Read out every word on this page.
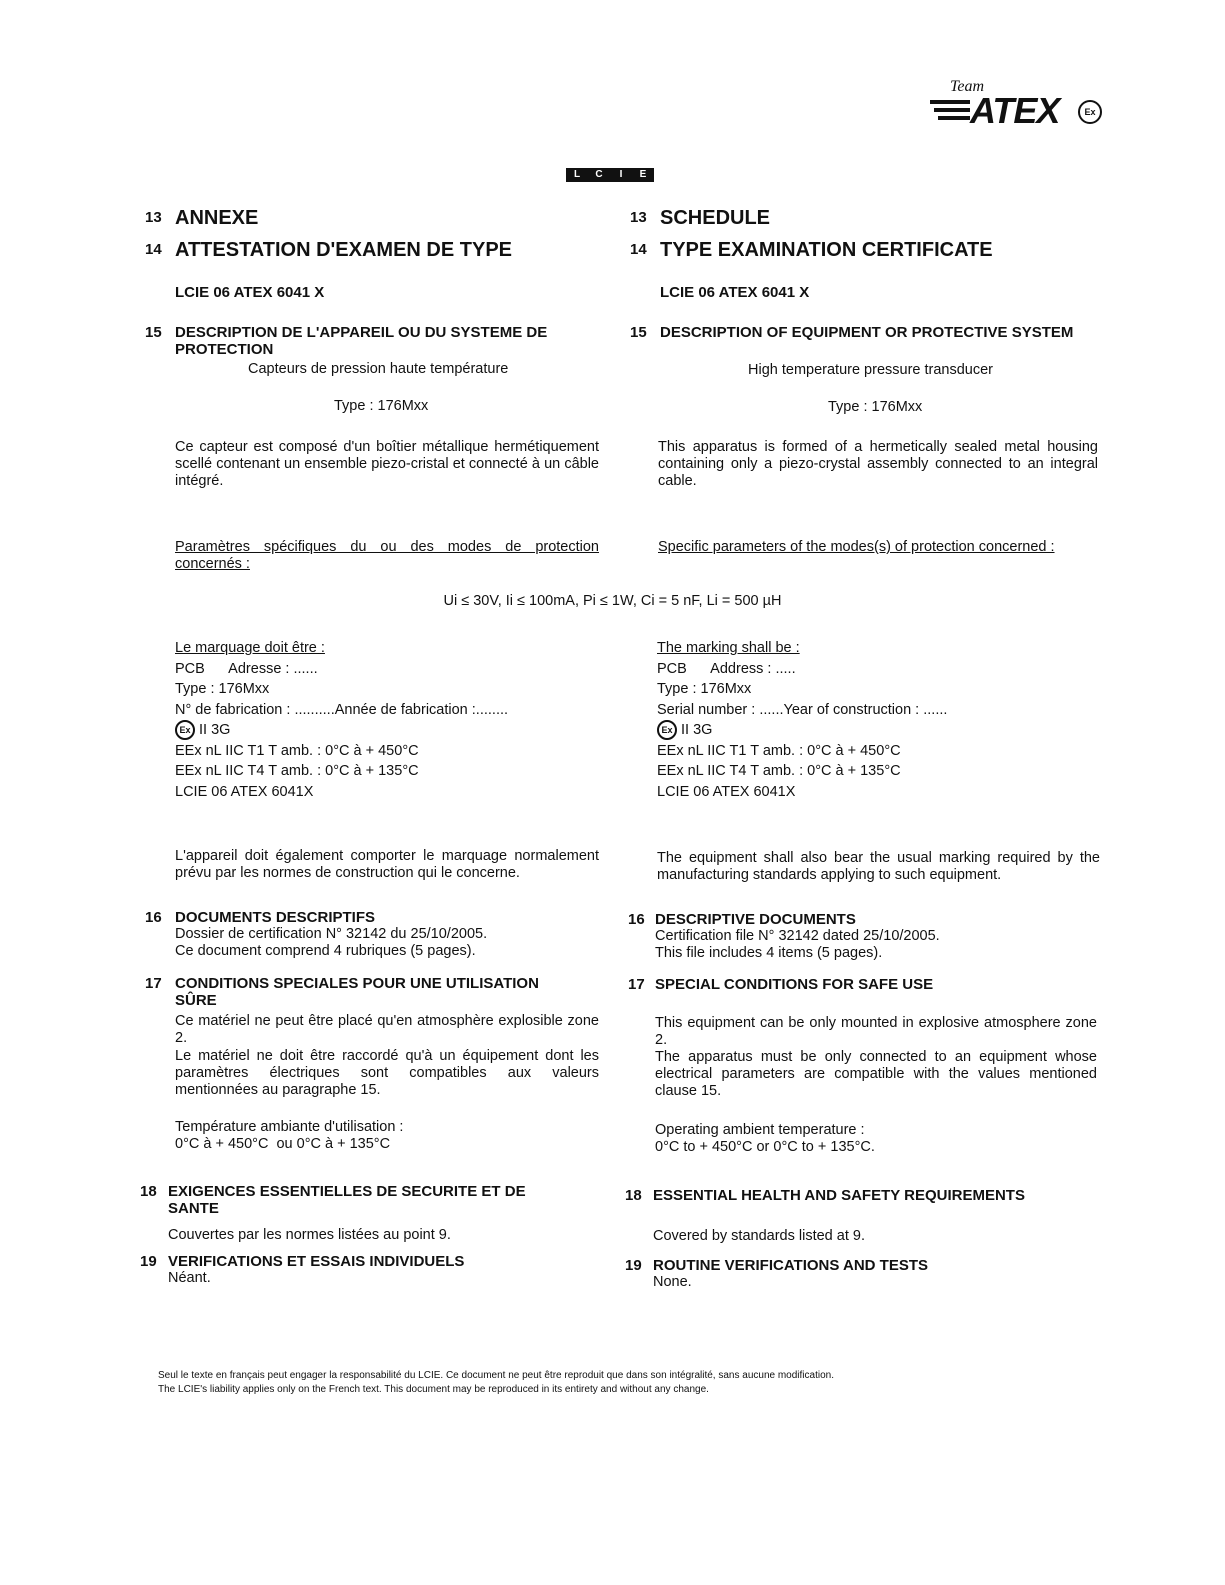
Team
ATEX	Ex
L	C	I	E
13 ANNEXE
14 ATTESTATION D'EXAMEN DE TYPE
LCIE 06 ATEX 6041 X
15 DESCRIPTION DE L'APPAREIL OU DU SYSTEME DE
PROTECTION
Capteurs de pression haute température
Type : 176Mxx
Ce capteur est composé d'un boîtier métallique hermétiquement scellé contenant un ensemble piezo-cristal et connecté à un câble intégré.
Paramètres spécifiques du ou des modes de protection concernés :
Ui ≤ 30V, Ii ≤ 100mA, Pi ≤ 1W, Ci = 5 nF, Li = 500 µH
Le marquage doit être :
PCB      Adresse : ......
Type : 176Mxx
N° de fabrication : ..........Année de fabrication :........
Ex II 3G
EEx nL IIC T1 T amb. : 0°C à + 450°C
EEx nL IIC T4 T amb. : 0°C à + 135°C
LCIE 06 ATEX 6041X
L'appareil doit également comporter le marquage normalement prévu par les normes de construction qui le concerne.
16 DOCUMENTS DESCRIPTIFS
Dossier de certification N° 32142 du 25/10/2005.
Ce document comprend 4 rubriques (5 pages).
17 CONDITIONS SPECIALES POUR UNE UTILISATION
SÛRE
Ce matériel ne peut être placé qu'en atmosphère explosible zone 2.
Le matériel ne doit être raccordé qu'à un équipement dont les paramètres électriques sont compatibles aux valeurs mentionnées au paragraphe 15.
Température ambiante d'utilisation :
0°C à + 450°C  ou 0°C à + 135°C
18 EXIGENCES ESSENTIELLES DE SECURITE ET DE
SANTE
Couvertes par les normes listées au point 9.
19 VERIFICATIONS ET ESSAIS INDIVIDUELS
Néant.
13 SCHEDULE
14 TYPE EXAMINATION CERTIFICATE
LCIE 06 ATEX 6041 X
15 DESCRIPTION OF EQUIPMENT OR PROTECTIVE SYSTEM
High temperature pressure transducer
Type : 176Mxx
This apparatus is formed of a hermetically sealed metal housing containing only a piezo-crystal assembly connected to an integral cable.
Specific parameters of the modes(s) of protection concerned :
The marking shall be :
PCB      Address : .....
Type : 176Mxx
Serial number : ......Year of construction : ......
Ex II 3G
EEx nL IIC T1 T amb. : 0°C à + 450°C
EEx nL IIC T4 T amb. : 0°C à + 135°C
LCIE 06 ATEX 6041X
The equipment shall also bear the usual marking required by the manufacturing standards applying to such equipment.
16 DESCRIPTIVE DOCUMENTS
Certification file N° 32142 dated 25/10/2005.
This file includes 4 items (5 pages).
17 SPECIAL CONDITIONS FOR SAFE USE
This equipment can be only mounted in explosive atmosphere zone 2.
The apparatus must be only connected to an equipment whose electrical parameters are compatible with the values mentioned clause 15.
Operating ambient temperature :
0°C to + 450°C or 0°C to + 135°C.
18 ESSENTIAL HEALTH AND SAFETY REQUIREMENTS
Covered by standards listed at 9.
19 ROUTINE VERIFICATIONS AND TESTS
None.
Seul le texte en français peut engager la responsabilité du LCIE. Ce document ne peut être reproduit que dans son intégralité, sans aucune modification.
The LCIE's liability applies only on the French text. This document may be reproduced in its entirety and without any change.
